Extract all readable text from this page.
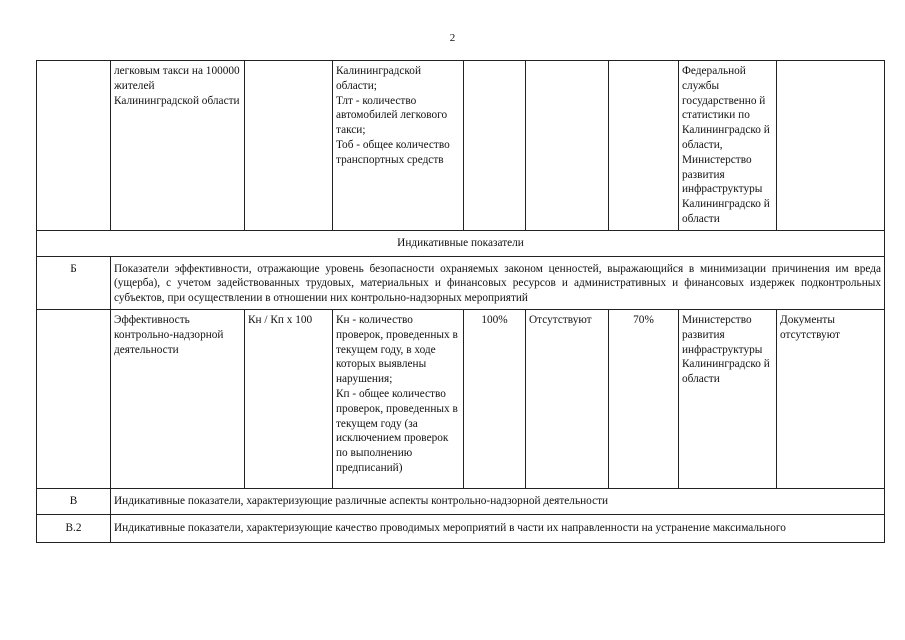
2
	легковым такси на 100000 жителей Калининградской области		Калининградской области;
Тлт - количество автомобилей легкового такси;
Тоб - общее количество транспортных средств				Федеральной службы государственно й статистики по Калининградско й области, Министерство развития инфраструктуры Калининградско й области	
Индикативные показатели								
Б	Показатели эффективности, отражающие уровень безопасности охраняемых законом ценностей, выражающийся в минимизации причинения им вреда (ущерба), с учетом задействованных трудовых, материальных и финансовых ресурсов и административных и финансовых издержек подконтрольных субъектов, при осуществлении в отношении них контрольно-надзорных мероприятий							
	Эффективность контрольно-надзорной деятельности	Кн / Кп х 100	Кн - количество проверок, проведенных в текущем году, в ходе которых выявлены нарушения;
Кп - общее количество проверок, проведенных в текущем году (за исключением проверок по выполнению предписаний)	100%	Отсутствуют	70%	Министерство развития инфраструктуры Калининградско й области	Документы отсутствуют
В	Индикативные показатели, характеризующие различные аспекты контрольно-надзорной деятельности							
В.2	Индикативные показатели, характеризующие качество проводимых мероприятий в части их направленности на устранение максимального							
